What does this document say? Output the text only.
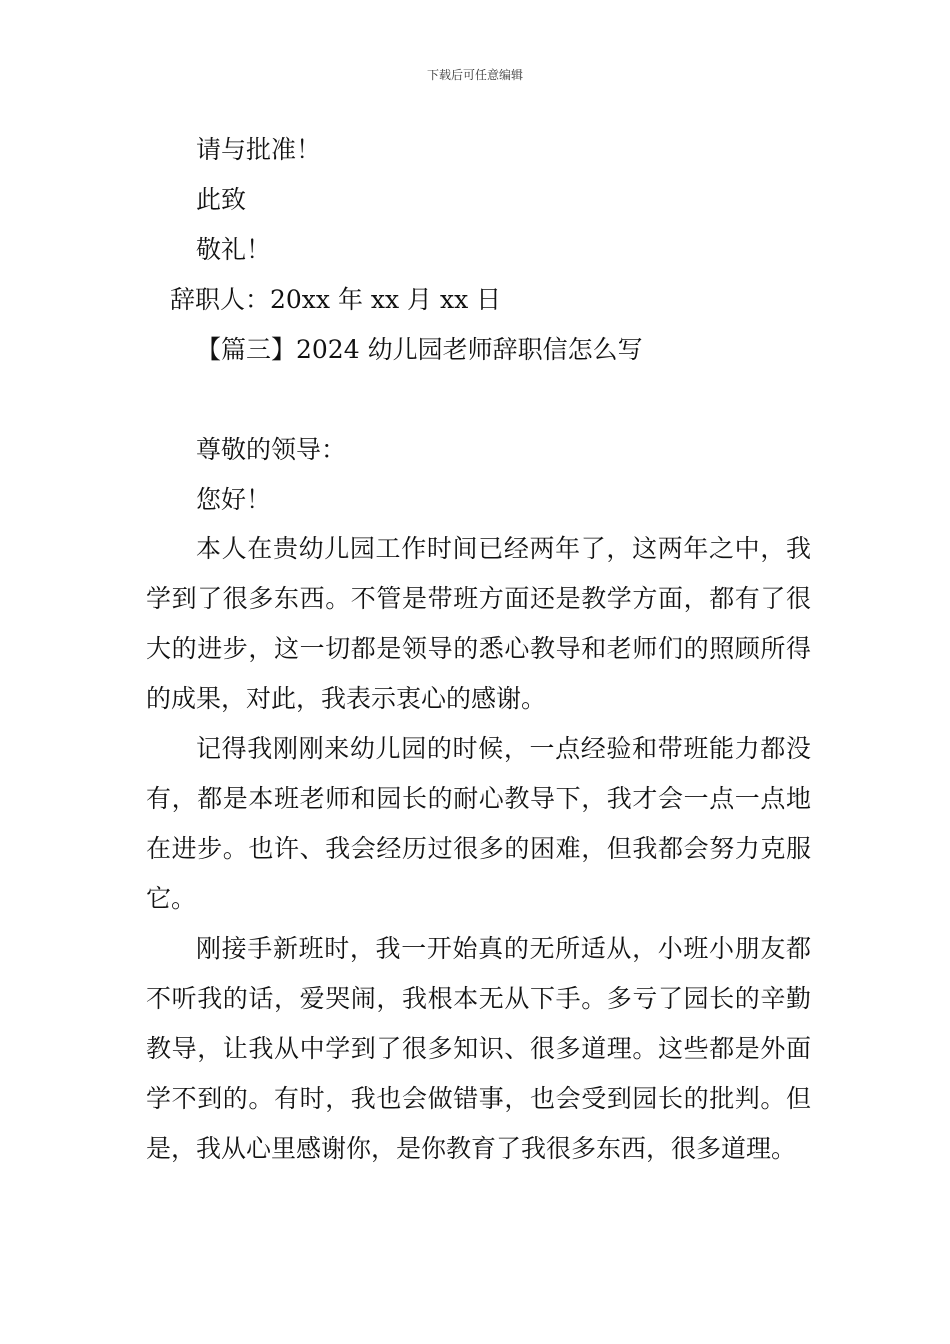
下载后可任意编辑
请与批准！
此致
敬礼！
辞职人：20xx 年 xx 月 xx 日
【篇三】2024 幼儿园老师辞职信怎么写
尊敬的领导：
您好！

本人在贵幼儿园工作时间已经两年了，这两年之中，我学到了很多东西。不管是带班方面还是教学方面，都有了很大的进步，这一切都是领导的悉心教导和老师们的照顾所得的成果，对此，我表示衷心的感谢。

记得我刚刚来幼儿园的时候，一点经验和带班能力都没有，都是本班老师和园长的耐心教导下，我才会一点一点地在进步。也许、我会经历过很多的困难，但我都会努力克服它。

刚接手新班时，我一开始真的无所适从，小班小朋友都不听我的话，爱哭闹，我根本无从下手。多亏了园长的辛勤教导，让我从中学到了很多知识、很多道理。这些都是外面学不到的。有时，我也会做错事，也会受到园长的批判。但是，我从心里感谢你，是你教育了我很多东西，很多道理。
